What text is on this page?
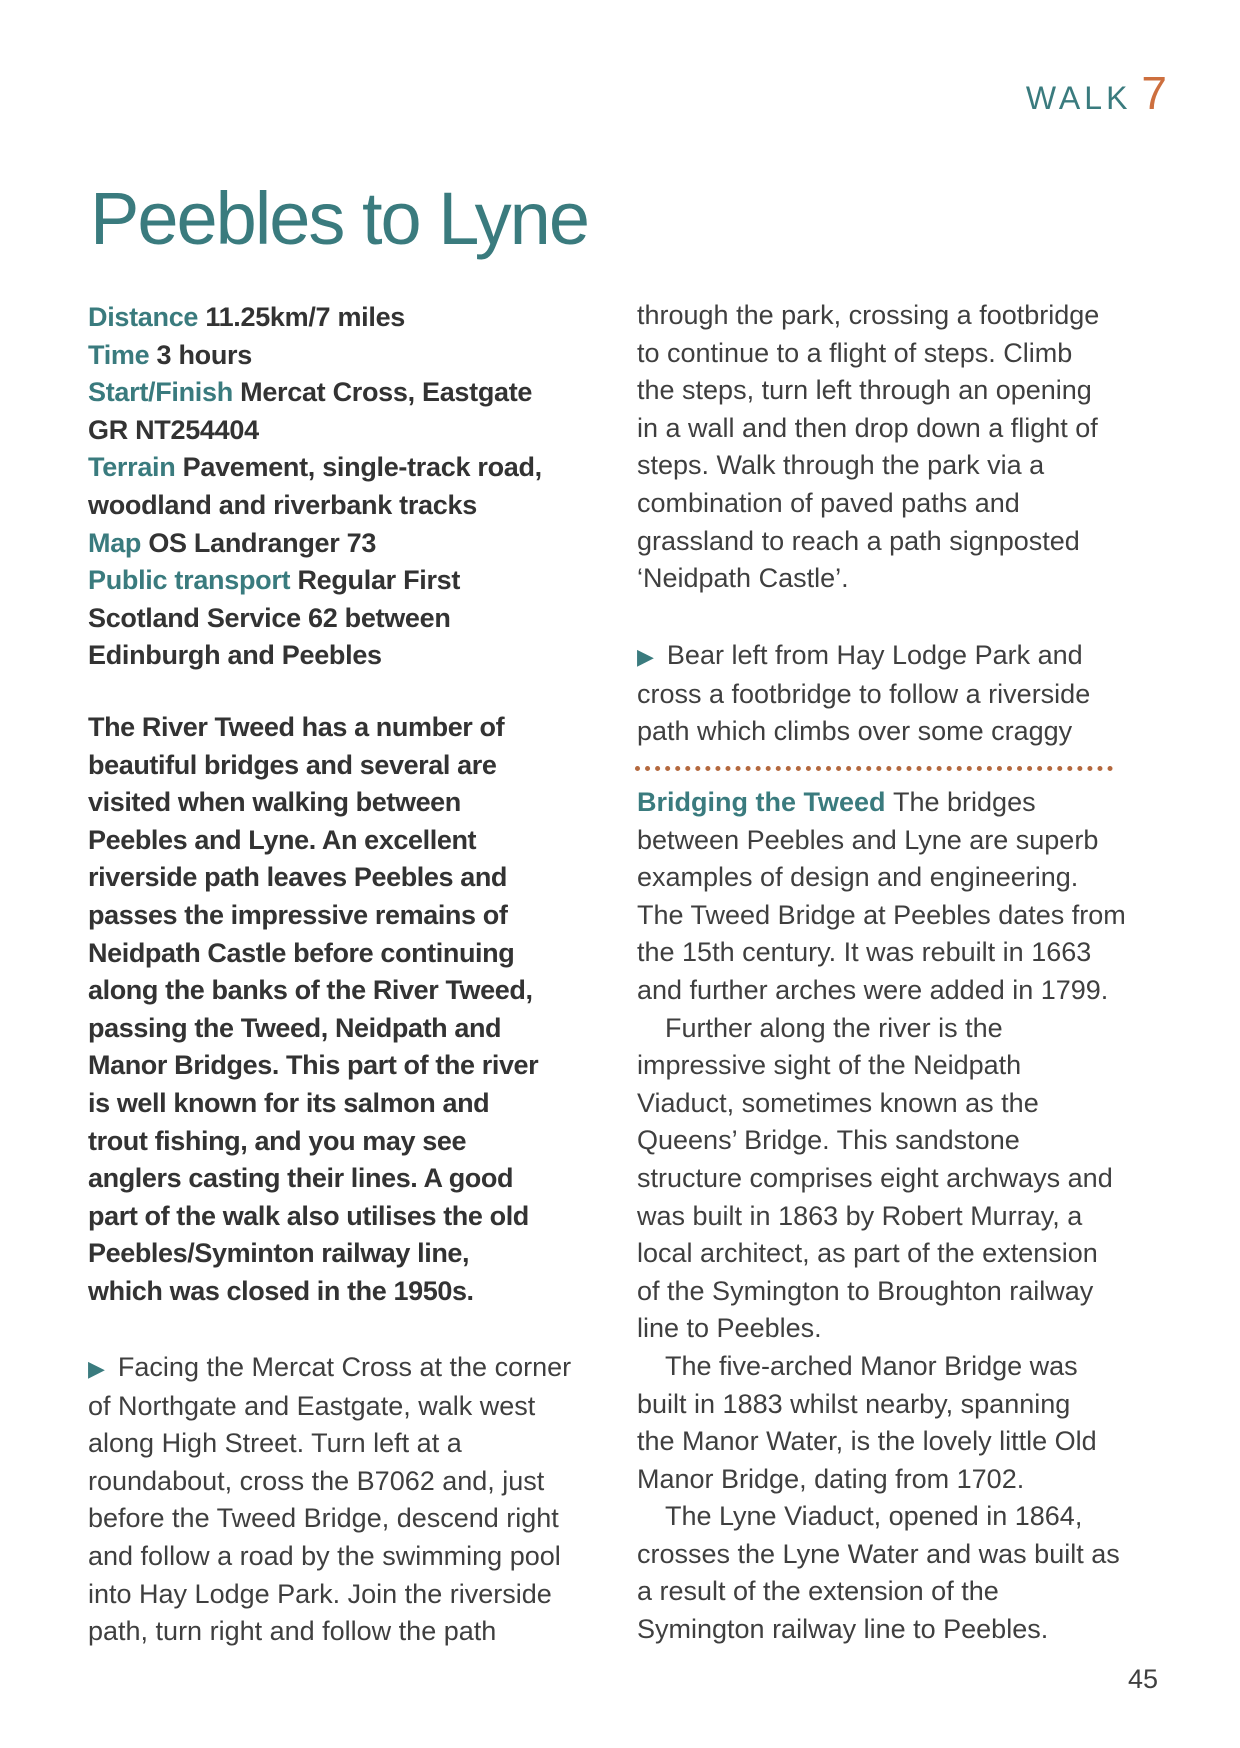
WALK 7
Peebles to Lyne
Distance 11.25km/7 miles
Time 3 hours
Start/Finish Mercat Cross, Eastgate
GR NT254404
Terrain Pavement, single-track road,
woodland and riverbank tracks
Map OS Landranger 73
Public transport Regular First
Scotland Service 62 between
Edinburgh and Peebles
The River Tweed has a number of
beautiful bridges and several are
visited when walking between
Peebles and Lyne. An excellent
riverside path leaves Peebles and
passes the impressive remains of
Neidpath Castle before continuing
along the banks of the River Tweed,
passing the Tweed, Neidpath and
Manor Bridges. This part of the river
is well known for its salmon and
trout fishing, and you may see
anglers casting their lines. A good
part of the walk also utilises the old
Peebles/Syminton railway line,
which was closed in the 1950s.
▶ Facing the Mercat Cross at the corner
of Northgate and Eastgate, walk west
along High Street. Turn left at a
roundabout, cross the B7062 and, just
before the Tweed Bridge, descend right
and follow a road by the swimming pool
into Hay Lodge Park. Join the riverside
path, turn right and follow the path
through the park, crossing a footbridge
to continue to a flight of steps. Climb
the steps, turn left through an opening
in a wall and then drop down a flight of
steps. Walk through the park via a
combination of paved paths and
grassland to reach a path signposted
‘Neidpath Castle’.
▶ Bear left from Hay Lodge Park and
cross a footbridge to follow a riverside
path which climbs over some craggy
Bridging the Tweed The bridges
between Peebles and Lyne are superb
examples of design and engineering.
The Tweed Bridge at Peebles dates from
the 15th century. It was rebuilt in 1663
and further arches were added in 1799.
Further along the river is the
impressive sight of the Neidpath
Viaduct, sometimes known as the
Queens’ Bridge. This sandstone
structure comprises eight archways and
was built in 1863 by Robert Murray, a
local architect, as part of the extension
of the Symington to Broughton railway
line to Peebles.
The five-arched Manor Bridge was
built in 1883 whilst nearby, spanning
the Manor Water, is the lovely little Old
Manor Bridge, dating from 1702.
The Lyne Viaduct, opened in 1864,
crosses the Lyne Water and was built as
a result of the extension of the
Symington railway line to Peebles.
45
